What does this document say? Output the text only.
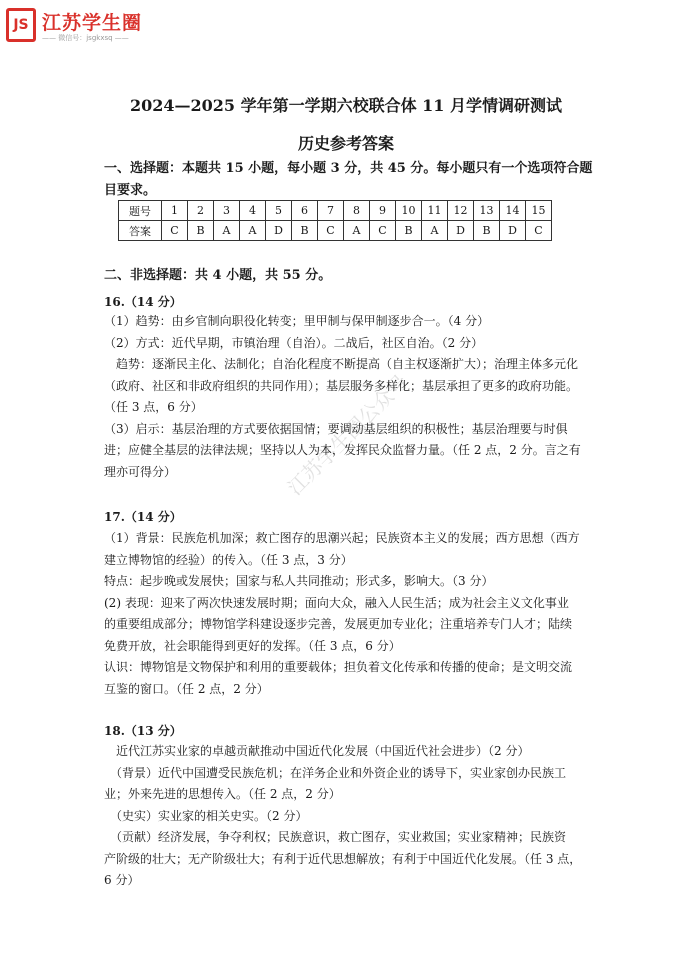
JS 江苏学生圈
—— 微信号：jsgkxsq ——
江苏学生圈公众号
2024—2025 学年第一学期六校联合体 11 月学情调研测试
历史参考答案
一、选择题：本题共 15 小题，每小题 3 分，共 45 分。每小题只有一个选项符合题目要求。
题号	1	2	3	4	5	6	7	8	9	10	11	12	13	14	15
答案	C	B	A	A	D	B	C	A	C	B	A	D	B	D	C
二、非选择题：共 4 小题，共 55 分。
16.（14 分）
（1）趋势：由乡官制向职役化转变；里甲制与保甲制逐步合一。（4 分）
（2）方式：近代早期，市镇治理（自治）。二战后，社区自治。（2 分）
　趋势：逐渐民主化、法制化；自治化程度不断提高（自主权逐渐扩大）；治理主体多元化
（政府、社区和非政府组织的共同作用）；基层服务多样化；基层承担了更多的政府功能。
（任 3 点，6 分）
（3）启示：基层治理的方式要依据国情；要调动基层组织的积极性；基层治理要与时俱
进；应健全基层的法律法规；坚持以人为本，发挥民众监督力量。（任 2 点，2 分。言之有
理亦可得分）
17.（14 分）
（1）背景：民族危机加深；救亡图存的思潮兴起；民族资本主义的发展；西方思想（西方
建立博物馆的经验）的传入。（任 3 点，3 分）
特点：起步晚或发展快；国家与私人共同推动；形式多，影响大。（3 分）
(2) 表现：迎来了两次快速发展时期；面向大众，融入人民生活；成为社会主义文化事业
的重要组成部分；博物馆学科建设逐步完善，发展更加专业化；注重培养专门人才；陆续
免费开放，社会职能得到更好的发挥。（任 3 点，6 分）
认识：博物馆是文物保护和利用的重要载体；担负着文化传承和传播的使命；是文明交流
互鉴的窗口。（任 2 点，2 分）
18.（13 分）
　近代江苏实业家的卓越贡献推动中国近代化发展（中国近代社会进步）（2 分）
　（背景）近代中国遭受民族危机；在洋务企业和外资企业的诱导下，实业家创办民族工
业；外来先进的思想传入。（任 2 点，2 分）
　（史实）实业家的相关史实。（2 分）
　（贡献）经济发展，争夺利权；民族意识，救亡图存，实业救国；实业家精神；民族资
产阶级的壮大；无产阶级壮大；有利于近代思想解放；有利于中国近代化发展。（任 3 点，
6 分）
